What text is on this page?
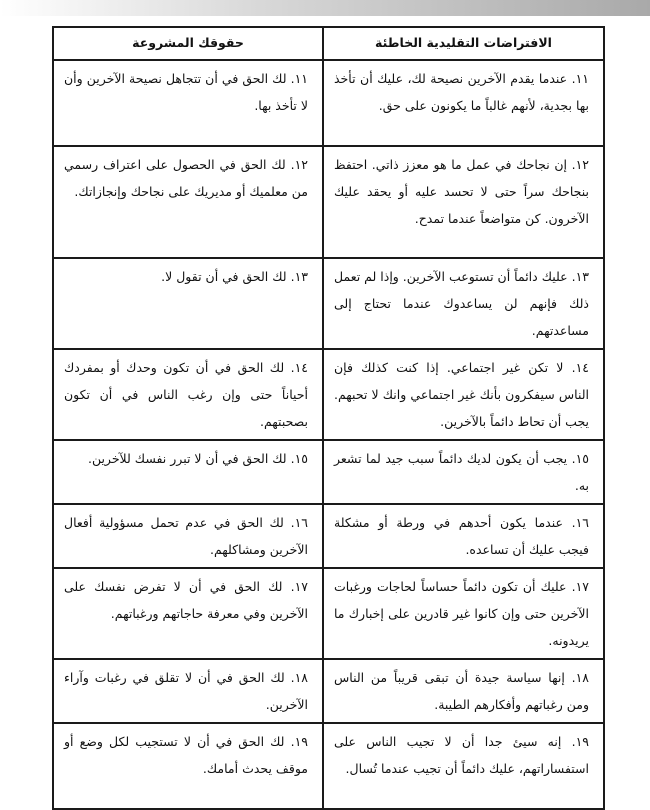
الافتراضات التقليدية الخاطئة	حقوقك المشروعة
١١. عندما يقدم الآخرين نصيحة لك، عليك أن تأخذ بها بجدية، لأنهم غالباً ما يكونون على حق.	١١. لك الحق في أن تتجاهل نصيحة الآخرين وأن لا تأخذ بها.
١٢. إن نجاحك في عمل ما هو معزز ذاتي. احتفظ بنجاحك سراً حتى لا تحسد عليه أو يحقد عليك الآخرون. كن متواضعاً عندما تمدح.	١٢. لك الحق في الحصول على اعتراف رسمي من معلميك أو مديريك على نجاحك وإنجازاتك.
١٣. عليك دائماً أن تستوعب الآخرين. وإذا لم تعمل ذلك فإنهم لن يساعدوك عندما تحتاج إلى مساعدتهم.	١٣. لك الحق في أن تقول لا.
١٤. لا تكن غير اجتماعي. إذا كنت كذلك فإن الناس سيفكرون بأنك غير اجتماعي وانك لا تحبهم. يجب أن تحاط دائماً بالآخرين.	١٤. لك الحق في أن تكون وحدك أو بمفردك أحياناً حتى وإن رغب الناس في أن تكون بصحبتهم.
١٥. يجب أن يكون لديك دائماً سبب جيد لما تشعر به.	١٥. لك الحق في أن لا تبرر نفسك للآخرين.
١٦. عندما يكون أحدهم في ورطة أو مشكلة فيجب عليك أن تساعده.	١٦. لك الحق في عدم تحمل مسؤولية أفعال الآخرين ومشاكلهم.
١٧. عليك أن تكون دائماً حساساً لحاجات ورغبات الآخرين حتى وإن كانوا غير قادرين على إخبارك ما يريدونه.	١٧. لك الحق في أن لا تفرض نفسك على الآخرين وفي معرفة حاجاتهم ورغباتهم.
١٨. إنها سياسة جيدة أن تبقى قريباً من الناس ومن رغباتهم وأفكارهم الطيبة.	١٨. لك الحق في أن لا تقلق في رغبات وآراء الآخرين.
١٩. إنه سيئ جدا أن لا تجيب الناس على استفساراتهم، عليك دائماً أن تجيب عندما تُسال.	١٩. لك الحق في أن لا تستجيب لكل وضع أو موقف يحدث أمامك.
